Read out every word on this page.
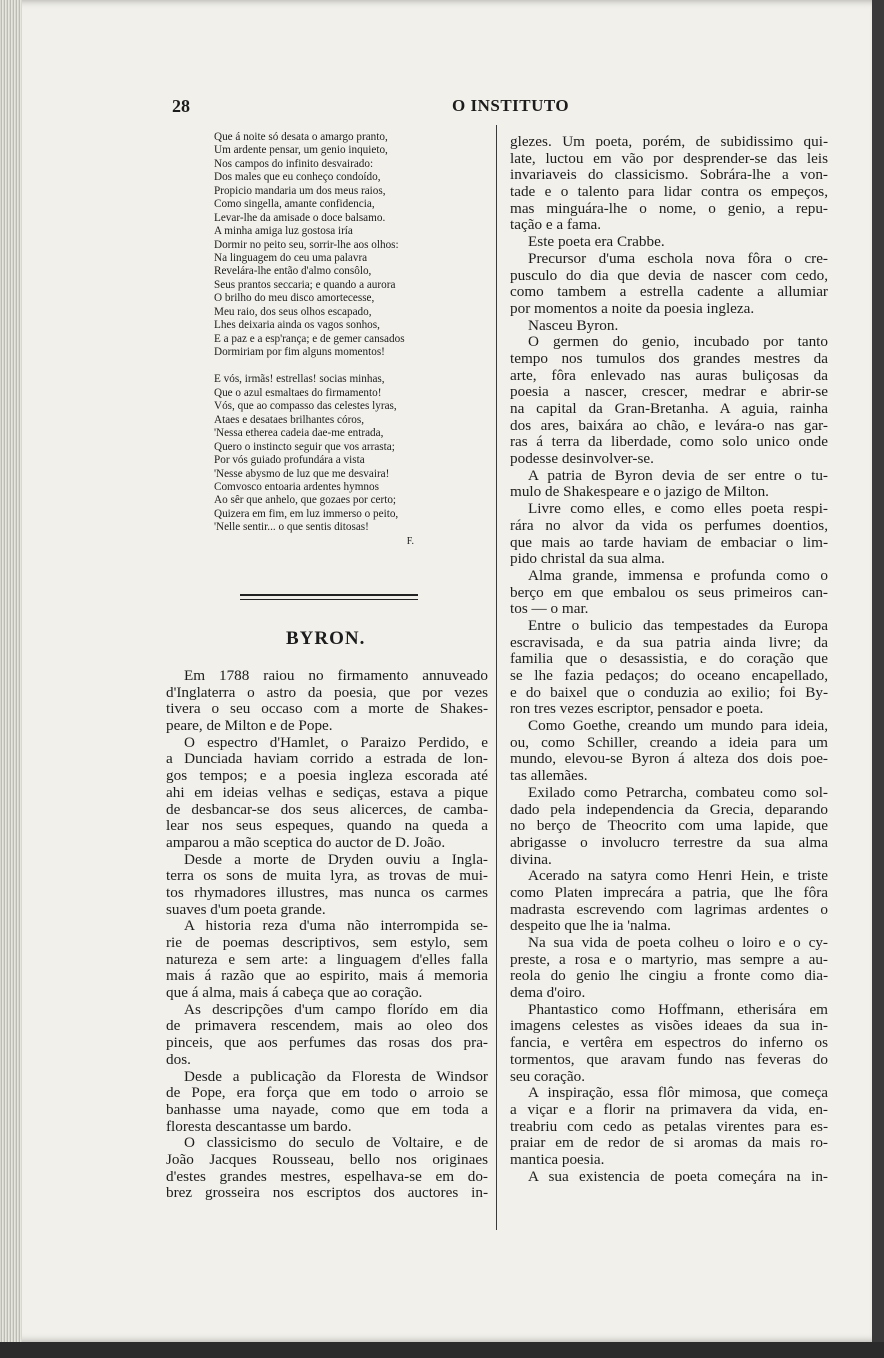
28	O INSTITUTO
Que á noite só desata o amargo pranto,
Um ardente pensar, um genio inquieto,
Nos campos do infinito desvairado:
Dos males que eu conheço condoído,
Propicio mandaria um dos meus raios,
Como singella, amante confidencia,
Levar-lhe da amisade o doce balsamo.
A minha amiga luz gostosa iría
Dormir no peito seu, sorrir-lhe aos olhos:
Na linguagem do ceu uma palavra
Revelára-lhe então d'almo consôlo,
Seus prantos seccaria; e quando a aurora
O brilho do meu disco amortecesse,
Meu raio, dos seus olhos escapado,
Lhes deixaria ainda os vagos sonhos,
E a paz e a esp'rança; e de gemer cansados
Dormiriam por fim alguns momentos!
E vós, irmãs! estrellas! socias minhas,
Que o azul esmaltaes do firmamento!
Vós, que ao compasso das celestes lyras,
Ataes e desataes brilhantes córos,
'Nessa etherea cadeia dae-me entrada,
Quero o instincto seguir que vos arrasta;
Por vós guiado profundára a vista
'Nesse abysmo de luz que me desvaira!
Comvosco entoaria ardentes hymnos
Ao sêr que anhelo, que gozaes por certo;
Quizera em fim, em luz immerso o peito,
'Nelle sentir... o que sentis ditosas!
F.
BYRON.
Em 1788 raiou no firmamento annuveado
d'Inglaterra o astro da poesia, que por vezes
tivera o seu occaso com a morte de Shakes-
peare, de Milton e de Pope.
O espectro d'Hamlet, o Paraizo Perdido, e
a Dunciada haviam corrido a estrada de lon-
gos tempos; e a poesia ingleza escorada até
ahi em ideias velhas e sediças, estava a pique
de desbancar-se dos seus alicerces, de camba-
lear nos seus espeques, quando na queda a
amparou a mão sceptica do auctor de D. João.
Desde a morte de Dryden ouviu a Ingla-
terra os sons de muita lyra, as trovas de mui-
tos rhymadores illustres, mas nunca os carmes
suaves d'um poeta grande.
A historia reza d'uma não interrompida se-
rie de poemas descriptivos, sem estylo, sem
natureza e sem arte: a linguagem d'elles falla
mais á razão que ao espirito, mais á memoria
que á alma, mais á cabeça que ao coração.
As descripções d'um campo florído em dia
de primavera rescendem, mais ao oleo dos
pinceis, que aos perfumes das rosas dos pra-
dos.
Desde a publicação da Floresta de Windsor
de Pope, era força que em todo o arroio se
banhasse uma nayade, como que em toda a
floresta descantasse um bardo.
O classicismo do seculo de Voltaire, e de
João Jacques Rousseau, bello nos originaes
d'estes grandes mestres, espelhava-se em do-
brez grosseira nos escriptos dos auctores in-
glezes. Um poeta, porém, de subidissimo qui-
late, luctou em vão por desprender-se das leis
invariaveis do classicismo. Sobrára-lhe a von-
tade e o talento para lidar contra os empeços,
mas minguára-lhe o nome, o genio, a repu-
tação e a fama.
Este poeta era Crabbe.
Precursor d'uma eschola nova fôra o cre-
pusculo do dia que devia de nascer com cedo,
como tambem a estrella cadente a allumiar
por momentos a noite da poesia ingleza.
Nasceu Byron.
O germen do genio, incubado por tanto
tempo nos tumulos dos grandes mestres da
arte, fôra enlevado nas auras buliçosas da
poesia a nascer, crescer, medrar e abrir-se
na capital da Gran-Bretanha. A aguia, rainha
dos ares, baixára ao chão, e levára-o nas gar-
ras á terra da liberdade, como solo unico onde
podesse desinvolver-se.
A patria de Byron devia de ser entre o tu-
mulo de Shakespeare e o jazigo de Milton.
Livre como elles, e como elles poeta respi-
rára no alvor da vida os perfumes doentios,
que mais ao tarde haviam de embaciar o lim-
pido christal da sua alma.
Alma grande, immensa e profunda como o
berço em que embalou os seus primeiros can-
tos — o mar.
Entre o bulicio das tempestades da Europa
escravisada, e da sua patria ainda livre; da
familia que o desassistia, e do coração que
se lhe fazia pedaços; do oceano encapellado,
e do baixel que o conduzia ao exilio; foi By-
ron tres vezes escriptor, pensador e poeta.
Como Goethe, creando um mundo para ideia,
ou, como Schiller, creando a ideia para um
mundo, elevou-se Byron á alteza dos dois poe-
tas allemães.
Exilado como Petrarcha, combateu como sol-
dado pela independencia da Grecia, deparando
no berço de Theocrito com uma lapide, que
abrigasse o involucro terrestre da sua alma
divina.
Acerado na satyra como Henri Hein, e triste
como Platen imprecára a patria, que lhe fôra
madrasta escrevendo com lagrimas ardentes o
despeito que lhe ia 'nalma.
Na sua vida de poeta colheu o loiro e o cy-
preste, a rosa e o martyrio, mas sempre a au-
reola do genio lhe cingiu a fronte como dia-
dema d'oiro.
Phantastico como Hoffmann, etherisára em
imagens celestes as visões ideaes da sua in-
fancia, e vertêra em espectros do inferno os
tormentos, que aravam fundo nas feveras do
seu coração.
A inspiração, essa flôr mimosa, que começa
a viçar e a florir na primavera da vida, en-
treabriu com cedo as petalas virentes para es-
praiar em de redor de si aromas da mais ro-
mantica poesia.
A sua existencia de poeta começára na in-
